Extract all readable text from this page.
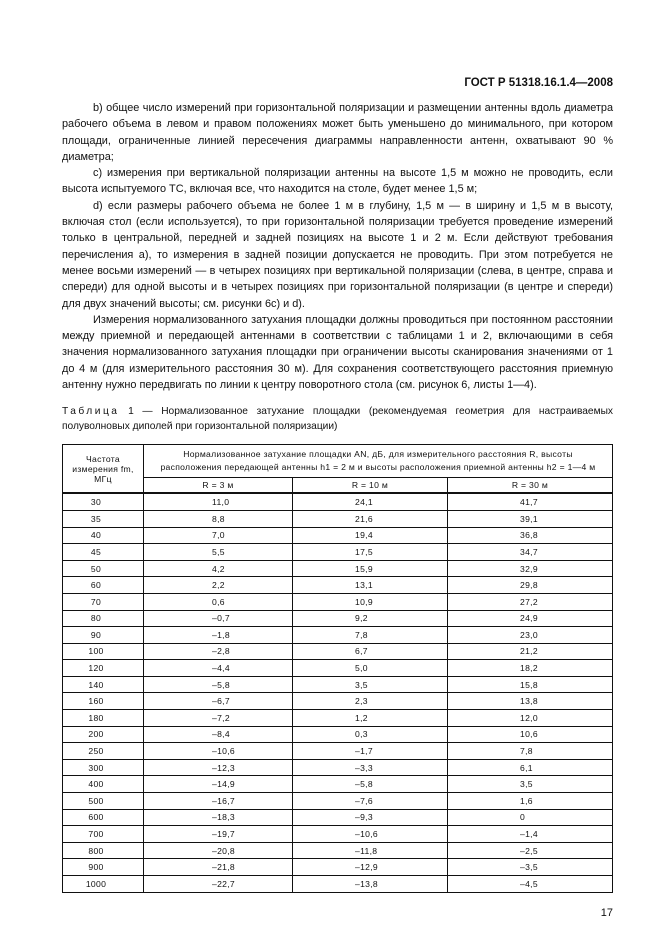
ГОСТ Р 51318.16.1.4—2008

b) общее число измерений при горизонтальной поляризации и размещении антенны вдоль диаметра рабочего объема в левом и правом положениях может быть уменьшено до минимального, при котором площади, ограниченные линией пересечения диаграммы направленности антенн, охватывают 90 % диаметра;

c) измерения при вертикальной поляризации антенны на высоте 1,5 м можно не проводить, если высота испытуемого ТС, включая все, что находится на столе, будет менее 1,5 м;

d) если размеры рабочего объема не более 1 м в глубину, 1,5 м — в ширину и 1,5 м в высоту, включая стол (если используется), то при горизонтальной поляризации требуется проведение измерений только в центральной, передней и задней позициях на высоте 1 и 2 м. Если действуют требования перечисления a), то измерения в задней позиции допускается не проводить. При этом потребуется не менее восьми измерений — в четырех позициях при вертикальной поляризации (слева, в центре, справа и спереди) для одной высоты и в четырех позициях при горизонтальной поляризации (в центре и спереди) для двух значений высоты; см. рисунки 6c) и d).

Измерения нормализованного затухания площадки должны проводиться при постоянном расстоянии между приемной и передающей антеннами в соответствии с таблицами 1 и 2, включающими в себя значения нормализованного затухания площадки при ограничении высоты сканирования значениями от 1 до 4 м (для измерительного расстояния 30 м). Для сохранения соответствующего расстояния приемную антенну нужно передвигать по линии к центру поворотного стола (см. рисунок 6, листы 1—4).

Таблица 1 — Нормализованное затухание площадки (рекомендуемая геометрия для настраиваемых полуволновых диполей при горизонтальной поляризации)
Частота измерения fm, МГц	Нормализованное затухание площадки AN, дБ, для измерительного расстояния R, высоты расположения передающей антенны h1 = 2 м и высоты расположения приемной антенны h2 = 1—4 м		
	R = 3 м	R = 10 м	R = 30 м
30	11,0	24,1	41,7
35	8,8	21,6	39,1
40	7,0	19,4	36,8
45	5,5	17,5	34,7
50	4,2	15,9	32,9
60	2,2	13,1	29,8
70	0,6	10,9	27,2
80	–0,7	9,2	24,9
90	–1,8	7,8	23,0
100	–2,8	6,7	21,2
120	–4,4	5,0	18,2
140	–5,8	3,5	15,8
160	–6,7	2,3	13,8
180	–7,2	1,2	12,0
200	–8,4	0,3	10,6
250	–10,6	–1,7	7,8
300	–12,3	–3,3	6,1
400	–14,9	–5,8	3,5
500	–16,7	–7,6	1,6
600	–18,3	–9,3	0
700	–19,7	–10,6	–1,4
800	–20,8	–11,8	–2,5
900	–21,8	–12,9	–3,5
1000	–22,7	–13,8	–4,5
17
